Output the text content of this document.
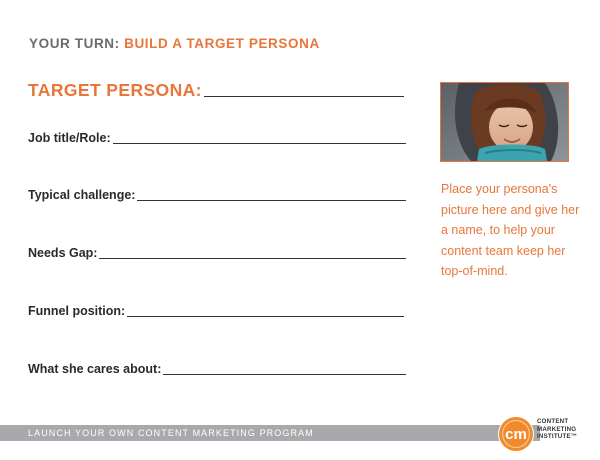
YOUR TURN: BUILD A TARGET PERSONA
TARGET PERSONA:
Job title/Role:
Typical challenge:
Needs Gap:
Funnel position:
What she cares about:
Place your persona's picture here and give her a name, to help your content team keep her top-of-mind.
LAUNCH YOUR OWN CONTENT MARKETING PROGRAM	cm
CONTENT
MARKETING
INSTITUTE™
